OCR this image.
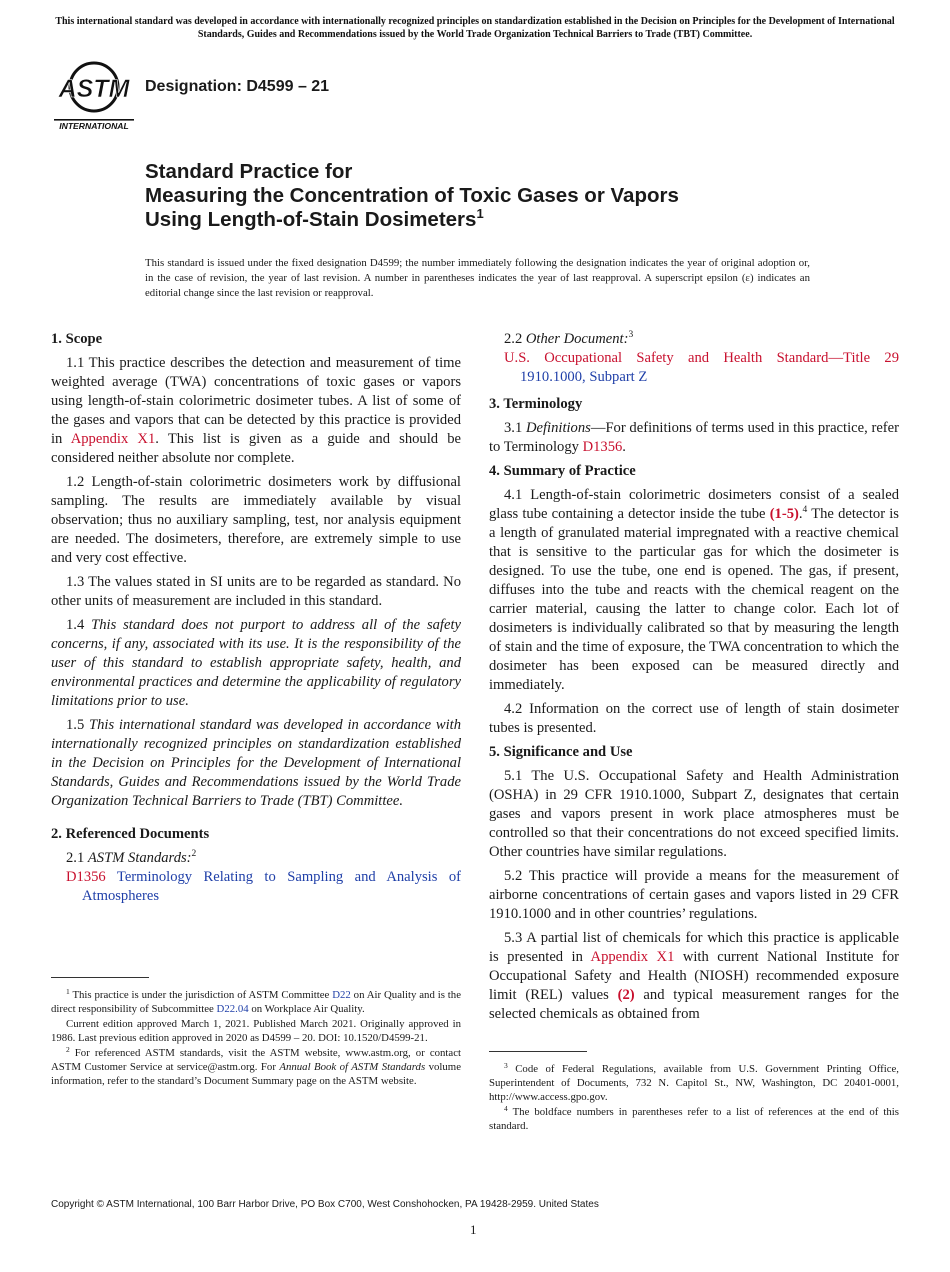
This international standard was developed in accordance with internationally recognized principles on standardization established in the Decision on Principles for the Development of International Standards, Guides and Recommendations issued by the World Trade Organization Technical Barriers to Trade (TBT) Committee.
ASTM
INTERNATIONAL
Designation: D4599 – 21
Standard Practice for
Measuring the Concentration of Toxic Gases or Vapors
Using Length-of-Stain Dosimeters$^1$
This standard is issued under the fixed designation D4599; the number immediately following the designation indicates the year of original adoption or, in the case of revision, the year of last revision. A number in parentheses indicates the year of last reapproval. A superscript epsilon (ε) indicates an editorial change since the last revision or reapproval.
1. Scope

1.1 This practice describes the detection and measurement of time weighted average (TWA) concentrations of toxic gases or vapors using length-of-stain colorimetric dosimeter tubes. A list of some of the gases and vapors that can be detected by this practice is provided in Appendix X1. This list is given as a guide and should be considered neither absolute nor complete.

1.2 Length-of-stain colorimetric dosimeters work by diffusional sampling. The results are immediately available by visual observation; thus no auxiliary sampling, test, nor analysis equipment are needed. The dosimeters, therefore, are extremely simple to use and very cost effective.

1.3 The values stated in SI units are to be regarded as standard. No other units of measurement are included in this standard.

1.4 This standard does not purport to address all of the safety concerns, if any, associated with its use. It is the responsibility of the user of this standard to establish appropriate safety, health, and environmental practices and determine the applicability of regulatory limitations prior to use.

1.5 This international standard was developed in accordance with internationally recognized principles on standardization established in the Decision on Principles for the Development of International Standards, Guides and Recommendations issued by the World Trade Organization Technical Barriers to Trade (TBT) Committee.

2. Referenced Documents

2.1 ASTM Standards:$^2$

D1356 Terminology Relating to Sampling and Analysis of Atmospheres

$^1$ This practice is under the jurisdiction of ASTM Committee D22 on Air Quality and is the direct responsibility of Subcommittee D22.04 on Workplace Air Quality.

Current edition approved March 1, 2021. Published March 2021. Originally approved in 1986. Last previous edition approved in 2020 as D4599 – 20. DOI: 10.1520/D4599-21.

$^2$ For referenced ASTM standards, visit the ASTM website, www.astm.org, or contact ASTM Customer Service at service@astm.org. For Annual Book of ASTM Standards volume information, refer to the standard’s Document Summary page on the ASTM website.

2.2 Other Document:$^3$

U.S. Occupational Safety and Health Standard—Title 29 1910.1000, Subpart Z

3. Terminology

3.1 Definitions—For definitions of terms used in this practice, refer to Terminology D1356.

4. Summary of Practice

4.1 Length-of-stain colorimetric dosimeters consist of a sealed glass tube containing a detector inside the tube (1-5).$^4$ The detector is a length of granulated material impregnated with a reactive chemical that is sensitive to the particular gas for which the dosimeter is designed. To use the tube, one end is opened. The gas, if present, diffuses into the tube and reacts with the chemical reagent on the carrier material, causing the latter to change color. Each lot of dosimeters is individually calibrated so that by measuring the length of stain and the time of exposure, the TWA concentration to which the dosimeter has been exposed can be measured directly and immediately.

4.2 Information on the correct use of length of stain dosimeter tubes is presented.

5. Significance and Use

5.1 The U.S. Occupational Safety and Health Administration (OSHA) in 29 CFR 1910.1000, Subpart Z, designates that certain gases and vapors present in work place atmospheres must be controlled so that their concentrations do not exceed specified limits. Other countries have similar regulations.

5.2 This practice will provide a means for the measurement of airborne concentrations of certain gases and vapors listed in 29 CFR 1910.1000 and in other countries’ regulations.

5.3 A partial list of chemicals for which this practice is applicable is presented in Appendix X1 with current National Institute for Occupational Safety and Health (NIOSH) recommended exposure limit (REL) values (2) and typical measurement ranges for the selected chemicals as obtained from

$^3$ Code of Federal Regulations, available from U.S. Government Printing Office, Superintendent of Documents, 732 N. Capitol St., NW, Washington, DC 20401-0001, http://www.access.gpo.gov.

$^4$ The boldface numbers in parentheses refer to a list of references at the end of this standard.

Copyright © ASTM International, 100 Barr Harbor Drive, PO Box C700, West Conshohocken, PA 19428-2959. United States
1
